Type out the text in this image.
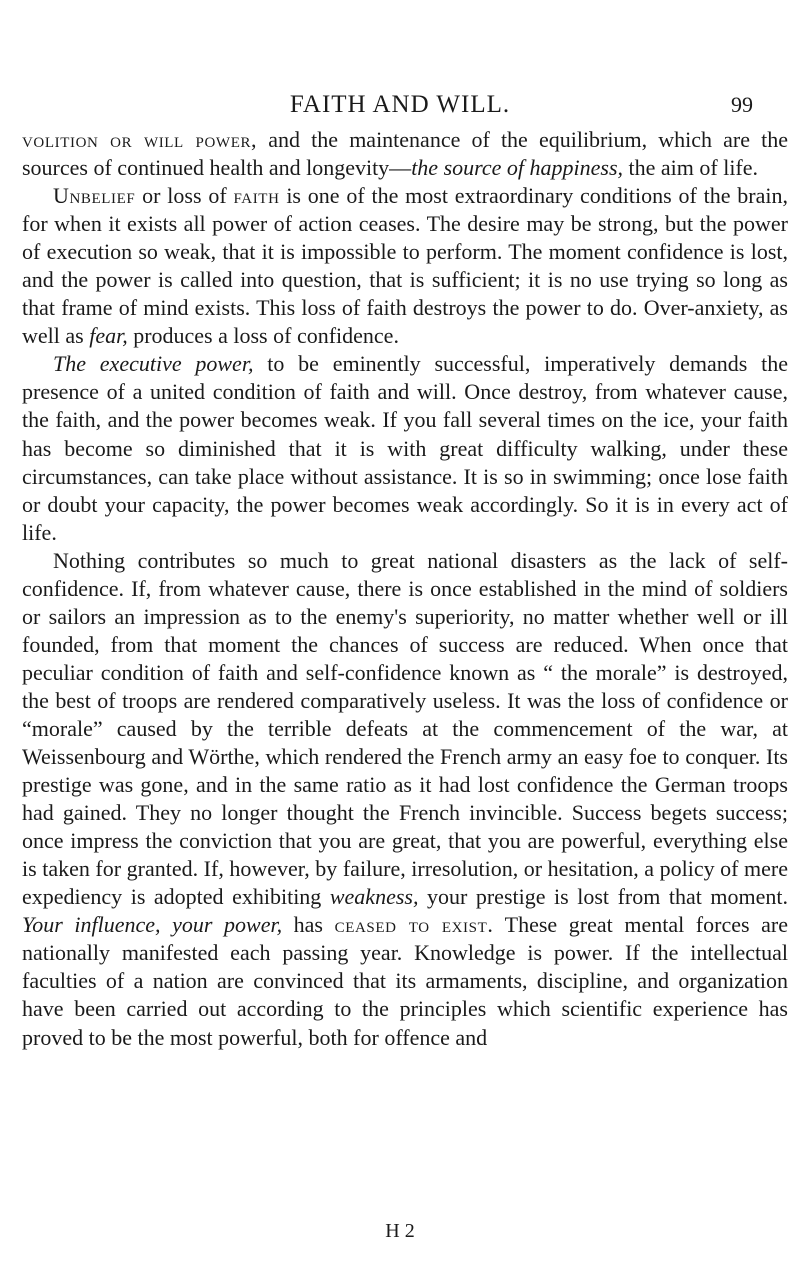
FAITH AND WILL.	99

volition or will power, and the maintenance of the equilibrium, which are the sources of continued health and longevity—the source of happiness, the aim of life.

Unbelief or loss of faith is one of the most extraordinary conditions of the brain, for when it exists all power of action ceases. The desire may be strong, but the power of execution so weak, that it is impossible to perform. The moment confidence is lost, and the power is called into question, that is sufficient; it is no use trying so long as that frame of mind exists. This loss of faith destroys the power to do. Over-anxiety, as well as fear, produces a loss of confidence.

The executive power, to be eminently successful, imperatively demands the presence of a united condition of faith and will. Once destroy, from whatever cause, the faith, and the power becomes weak. If you fall several times on the ice, your faith has become so diminished that it is with great difficulty walking, under these circumstances, can take place without assistance. It is so in swimming; once lose faith or doubt your capacity, the power becomes weak accordingly. So it is in every act of life.

Nothing contributes so much to great national disasters as the lack of self-confidence. If, from whatever cause, there is once established in the mind of soldiers or sailors an impression as to the enemy's superiority, no matter whether well or ill founded, from that moment the chances of success are reduced. When once that peculiar condition of faith and self-confidence known as “ the morale” is destroyed, the best of troops are rendered comparatively useless. It was the loss of confidence or “morale” caused by the terrible defeats at the commencement of the war, at Weissenbourg and Wörthe, which rendered the French army an easy foe to conquer. Its prestige was gone, and in the same ratio as it had lost confidence the German troops had gained. They no longer thought the French invincible. Success begets success; once impress the conviction that you are great, that you are powerful, everything else is taken for granted. If, however, by failure, irresolution, or hesitation, a policy of mere expediency is adopted exhibiting weakness, your prestige is lost from that moment. Your influence, your power, has ceased to exist. These great mental forces are nationally manifested each passing year. Knowledge is power. If the intellectual faculties of a nation are convinced that its armaments, discipline, and organization have been carried out according to the principles which scientific experience has proved to be the most powerful, both for offence and

H 2
